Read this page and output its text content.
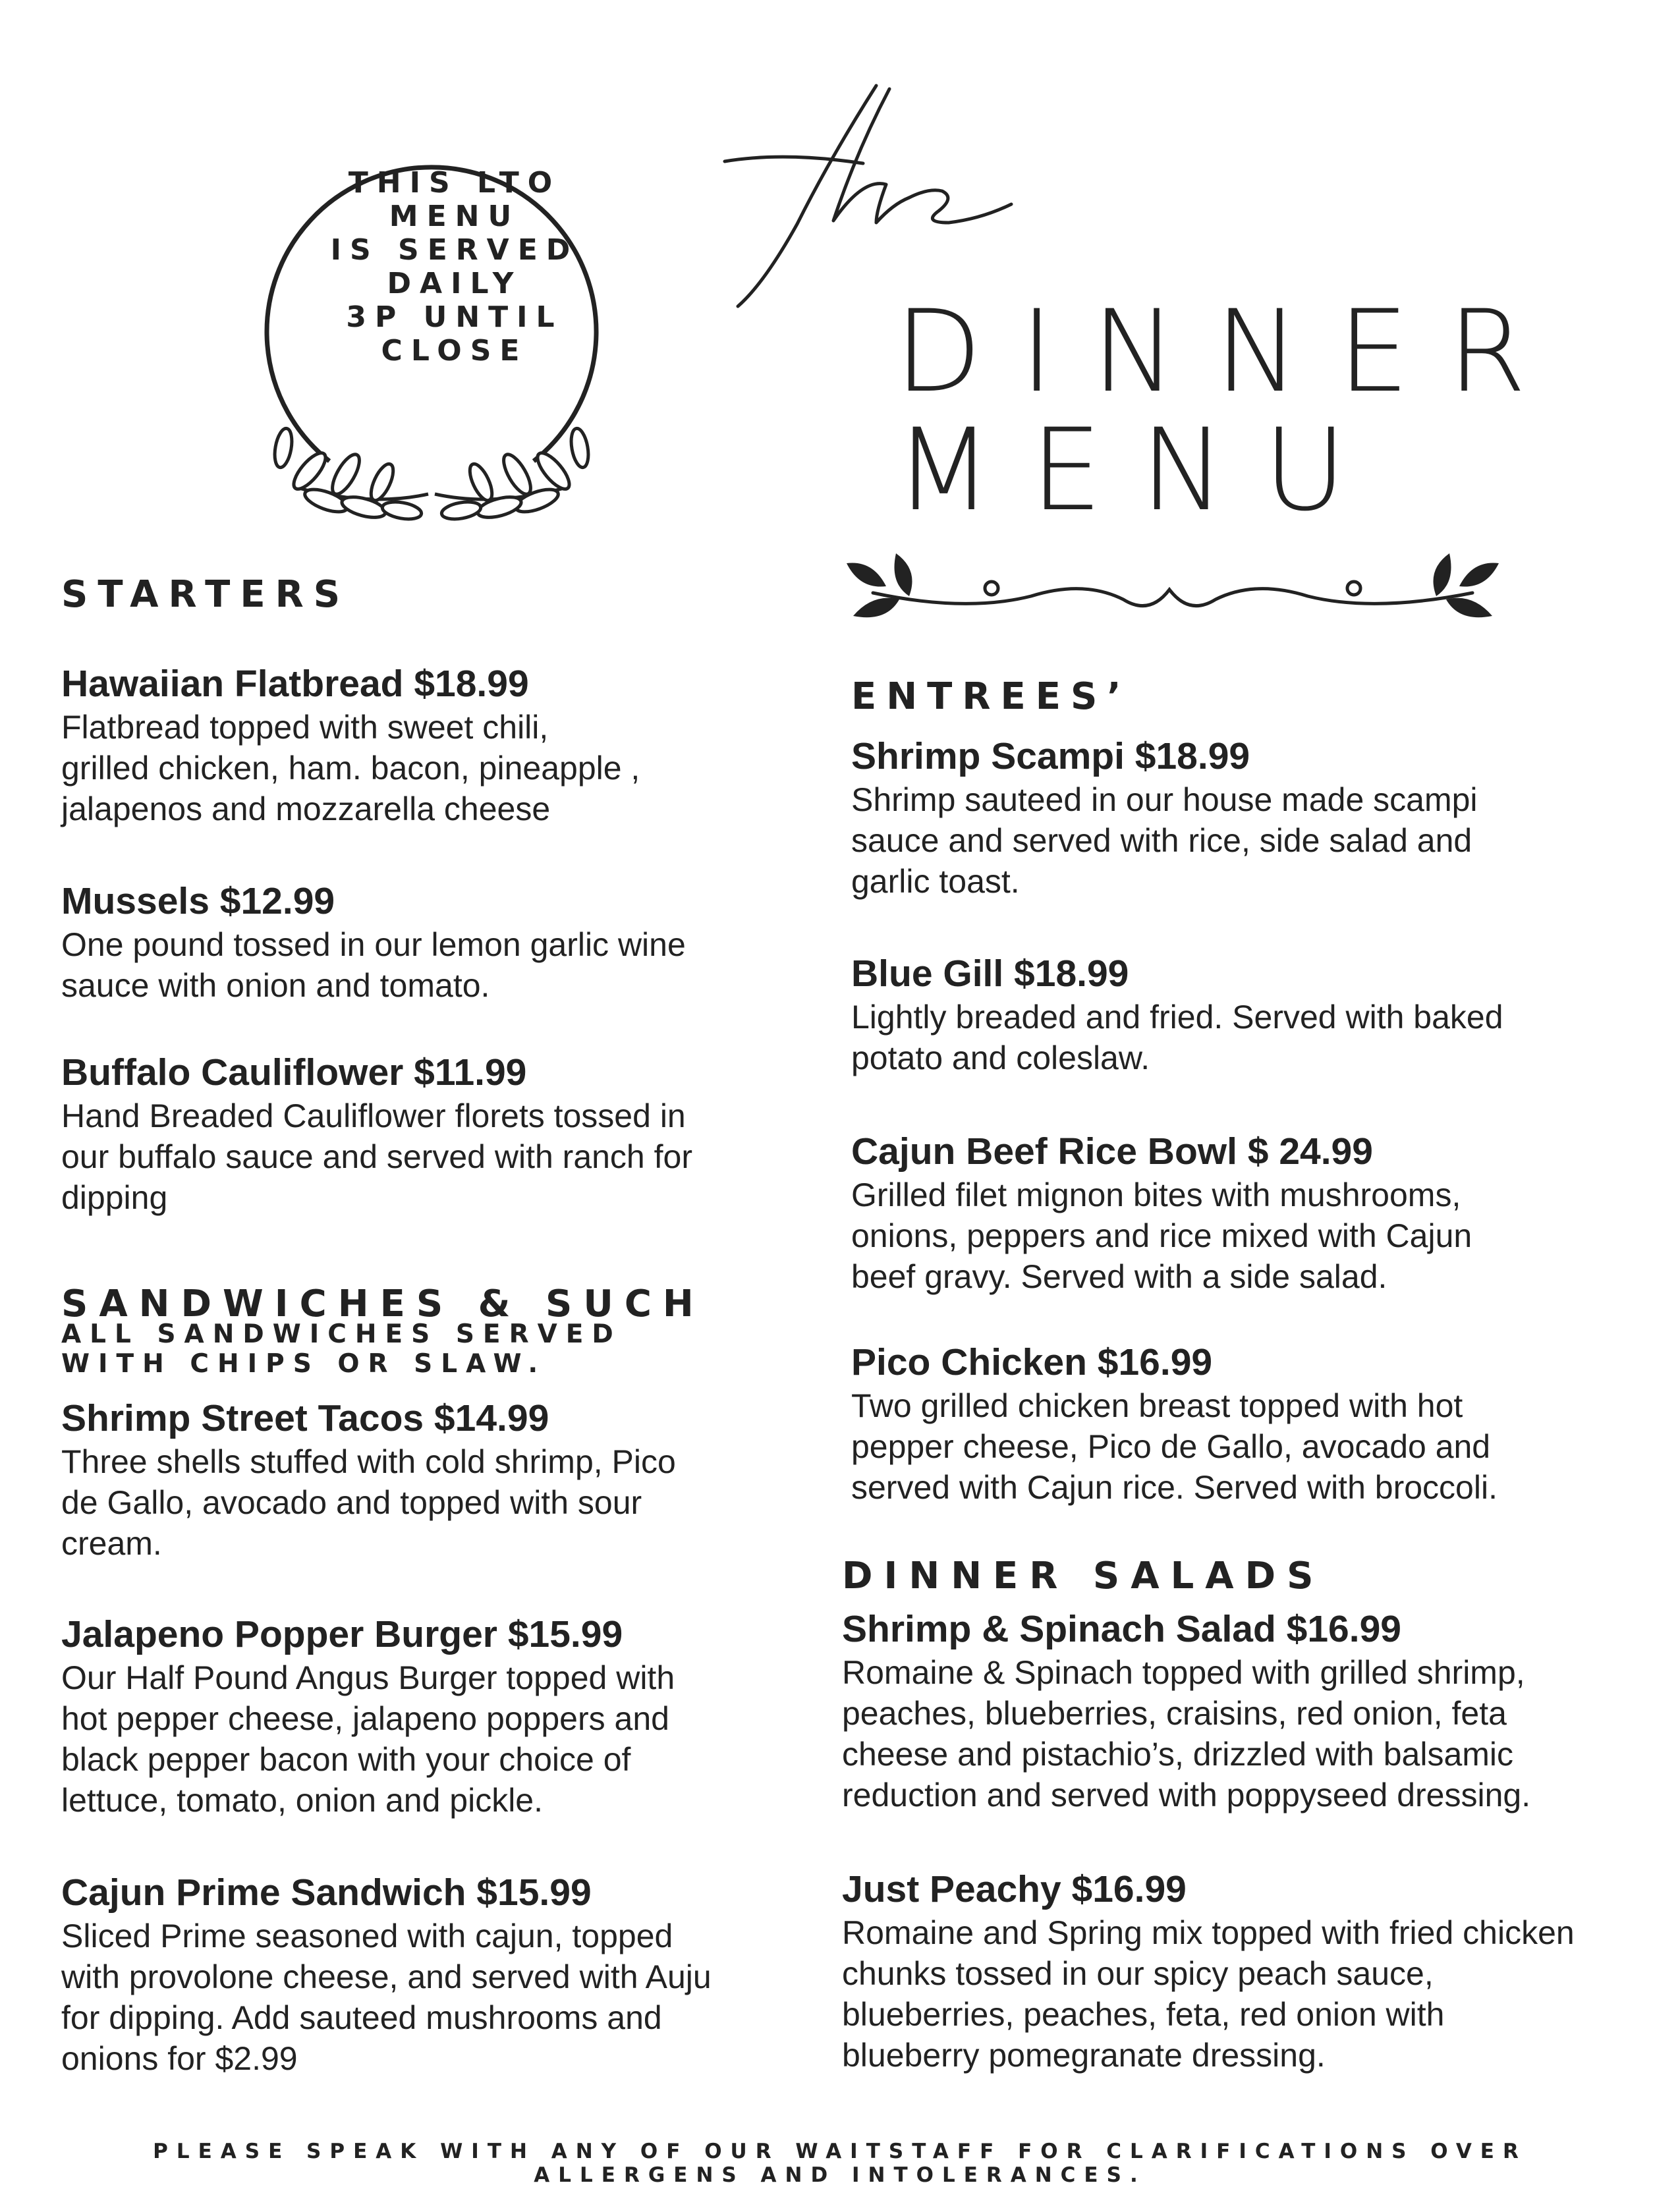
THIS LTO
MENU
IS SERVED
DAILY
3P UNTIL
CLOSE	DINNER
MENU
STARTERS
Hawaiian Flatbread $18.99
Flatbread topped with sweet chili,
grilled chicken, ham. bacon, pineapple ,
jalapenos and mozzarella cheese
Mussels $12.99
One pound tossed in our lemon garlic wine
sauce with onion and tomato.
Buffalo Cauliflower $11.99
Hand Breaded Cauliflower florets tossed in
our buffalo sauce and served with ranch for
dipping
SANDWICHES & SUCH
ALL SANDWICHES SERVED
WITH CHIPS OR SLAW.
Shrimp Street Tacos $14.99
Three shells stuffed with cold shrimp, Pico
de Gallo, avocado and topped with sour
cream.
Jalapeno Popper Burger $15.99
Our Half Pound Angus Burger topped with
hot pepper cheese, jalapeno poppers and
black pepper bacon with your choice of
lettuce, tomato, onion and pickle.
Cajun Prime Sandwich $15.99
Sliced Prime seasoned with cajun, topped
with provolone cheese, and served with Auju
for dipping. Add sauteed mushrooms and
onions for $2.99
ENTREES’
Shrimp Scampi $18.99
Shrimp sauteed in our house made scampi
sauce and served with rice, side salad and
garlic toast.
Blue Gill $18.99
Lightly breaded and fried. Served with baked
potato and coleslaw.
Cajun Beef Rice Bowl $ 24.99
Grilled filet mignon bites with mushrooms,
onions, peppers and rice mixed with Cajun
beef gravy. Served with a side salad.
Pico Chicken $16.99
Two grilled chicken breast topped with hot
pepper cheese, Pico de Gallo, avocado and
served with Cajun rice. Served with broccoli.
DINNER SALADS
Shrimp & Spinach Salad $16.99
Romaine & Spinach topped with grilled shrimp,
peaches, blueberries, craisins, red onion, feta
cheese and pistachio’s, drizzled with balsamic
reduction and served with poppyseed dressing.
Just Peachy $16.99
Romaine and Spring mix topped with fried chicken
chunks tossed in our spicy peach sauce,
blueberries, peaches, feta, red onion with
blueberry pomegranate dressing.
PLEASE SPEAK WITH ANY OF OUR WAITSTAFF FOR CLARIFICATIONS OVER
ALLERGENS AND INTOLERANCES.
